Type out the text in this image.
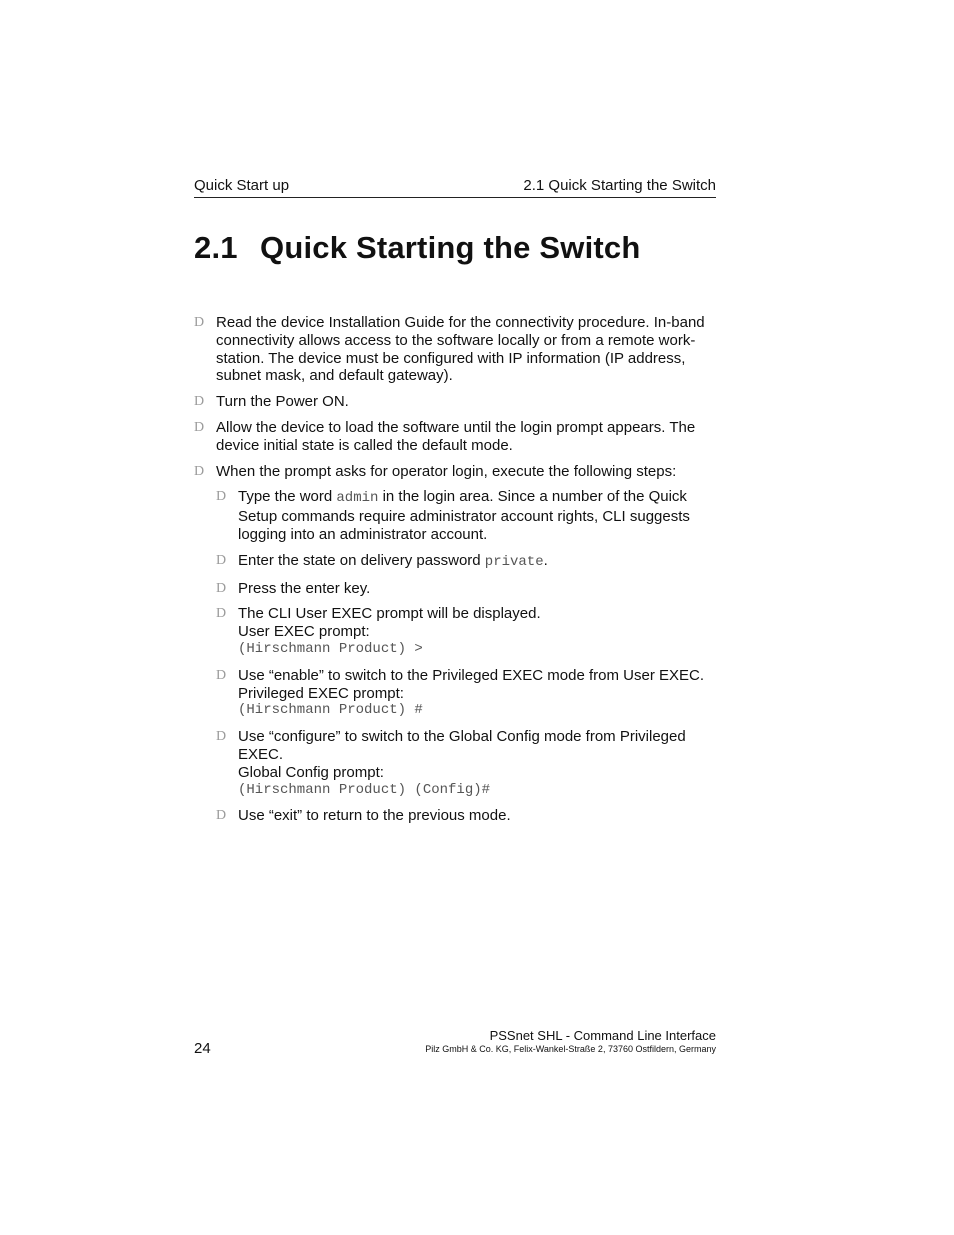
Quick Start up	2.1 Quick Starting the Switch
2.1 Quick Starting the Switch
D Read the device Installation Guide for the connectivity procedure. In-band connectivity allows access to the software locally or from a remote work-station. The device must be configured with IP information (IP address, subnet mask, and default gateway).
D Turn the Power ON.
D Allow the device to load the software until the login prompt appears. The device initial state is called the default mode.
D When the prompt asks for operator login, execute the following steps:
D Type the word admin in the login area. Since a number of the Quick Setup commands require administrator account rights, CLI suggests logging into an administrator account.
D Enter the state on delivery password private.
D Press the enter key.
D The CLI User EXEC prompt will be displayed.
User EXEC prompt:
(Hirschmann Product) >
D Use “enable” to switch to the Privileged EXEC mode from User EXEC.
Privileged EXEC prompt:
(Hirschmann Product) #
D Use “configure” to switch to the Global Config mode from Privileged EXEC.
Global Config prompt:
(Hirschmann Product) (Config)#
D Use “exit” to return to the previous mode.
24
PSSnet SHL - Command Line Interface
Pilz GmbH & Co. KG, Felix-Wankel-Straße 2, 73760 Ostfildern, Germany
